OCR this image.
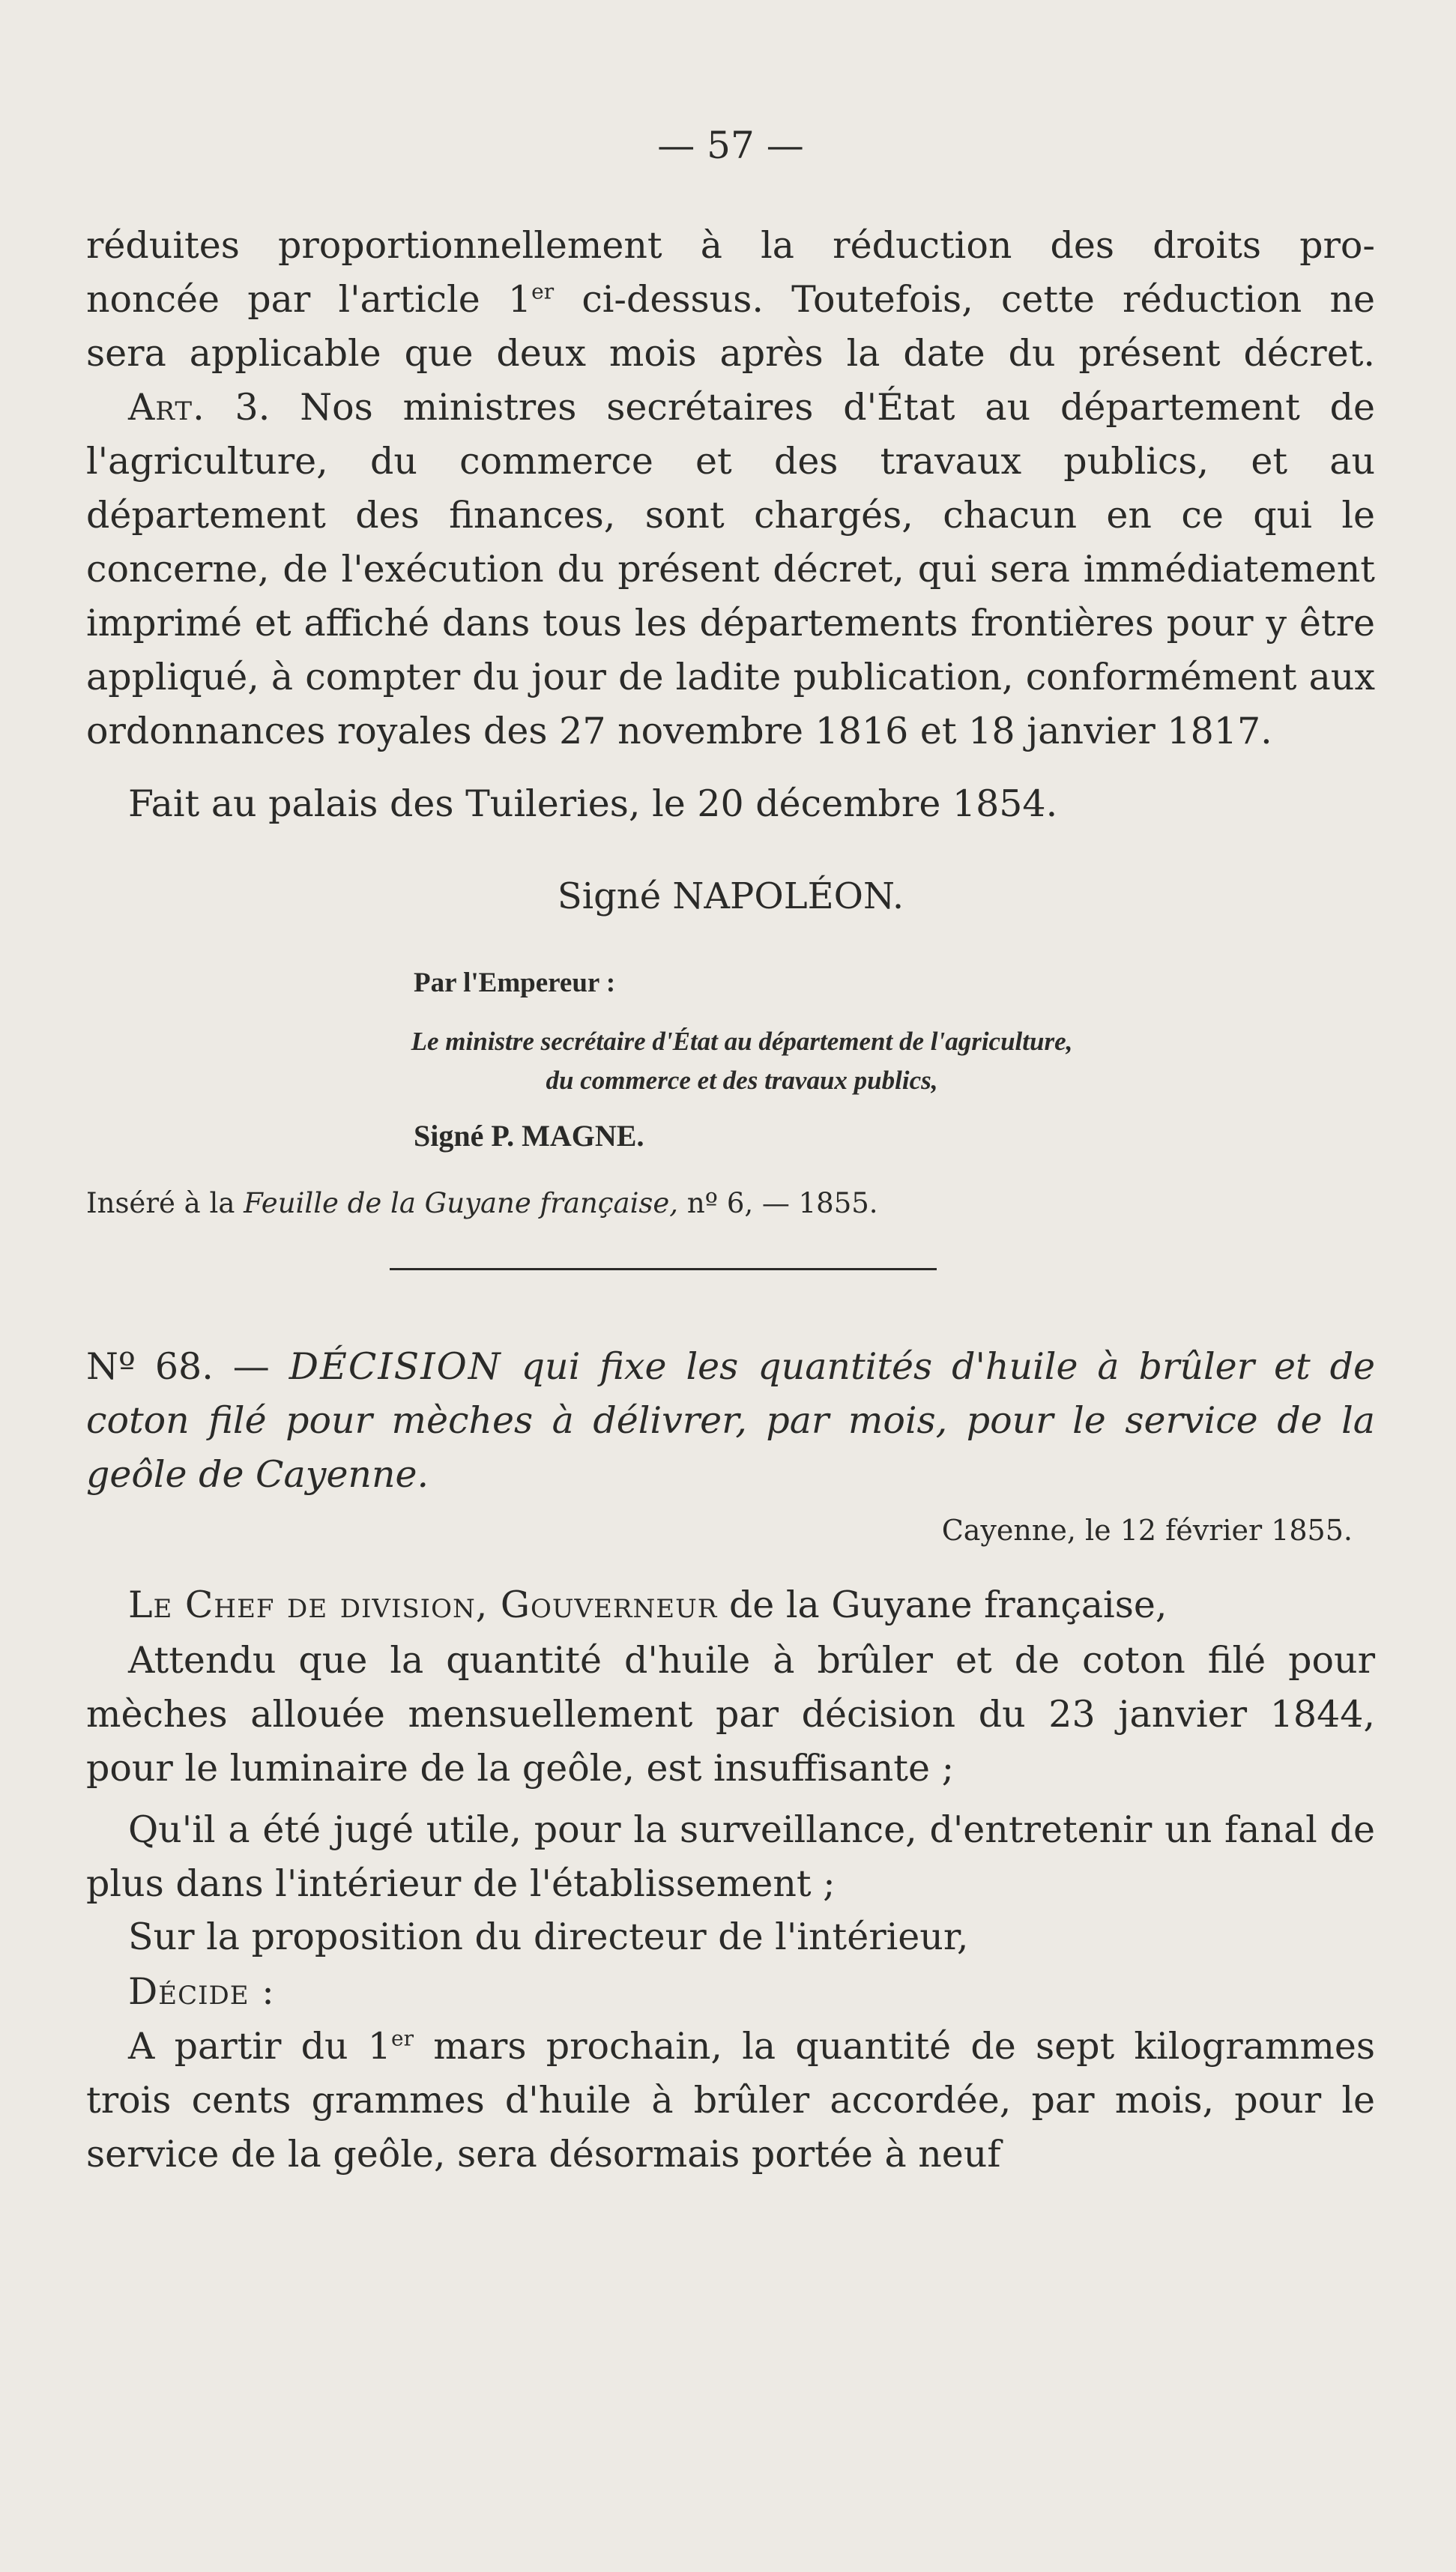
— 57 —

réduites proportionnellement à la réduction des droits pro-

noncée par l'article 1er ci-dessus. Toutefois, cette réduction ne

sera applicable que deux mois après la date du présent décret.

Art. 3. Nos ministres secrétaires d'État au département de l'agriculture, du commerce et des travaux publics, et au département des finances, sont chargés, chacun en ce qui le concerne, de l'exécution du présent décret, qui sera immédiatement imprimé et affiché dans tous les départements frontières pour y être appliqué, à compter du jour de ladite publication, conformément aux ordonnances royales des 27 novembre 1816 et 18 janvier 1817.
Fait au palais des Tuileries, le 20 décembre 1854.
Signé NAPOLÉON.
Par l'Empereur :
Le ministre secrétaire d'État au département de l'agriculture,
du commerce et des travaux publics,
Signé P. MAGNE.
Inséré à la Feuille de la Guyane française, nº 6, — 1855.
Nº 68. — DÉCISION qui fixe les quantités d'huile à brûler et de coton filé pour mèches à délivrer, par mois, pour le service de la geôle de Cayenne.
Cayenne, le 12 février 1855.
Le Chef de division, Gouverneur de la Guyane française,
Attendu que la quantité d'huile à brûler et de coton filé pour mèches allouée mensuellement par décision du 23 janvier 1844, pour le luminaire de la geôle, est insuffisante ;
Qu'il a été jugé utile, pour la surveillance, d'entretenir un fanal de plus dans l'intérieur de l'établissement ;
Sur la proposition du directeur de l'intérieur,
Décide :
A partir du 1er mars prochain, la quantité de sept kilogrammes trois cents grammes d'huile à brûler accordée, par mois, pour le service de la geôle, sera désormais portée à neuf
